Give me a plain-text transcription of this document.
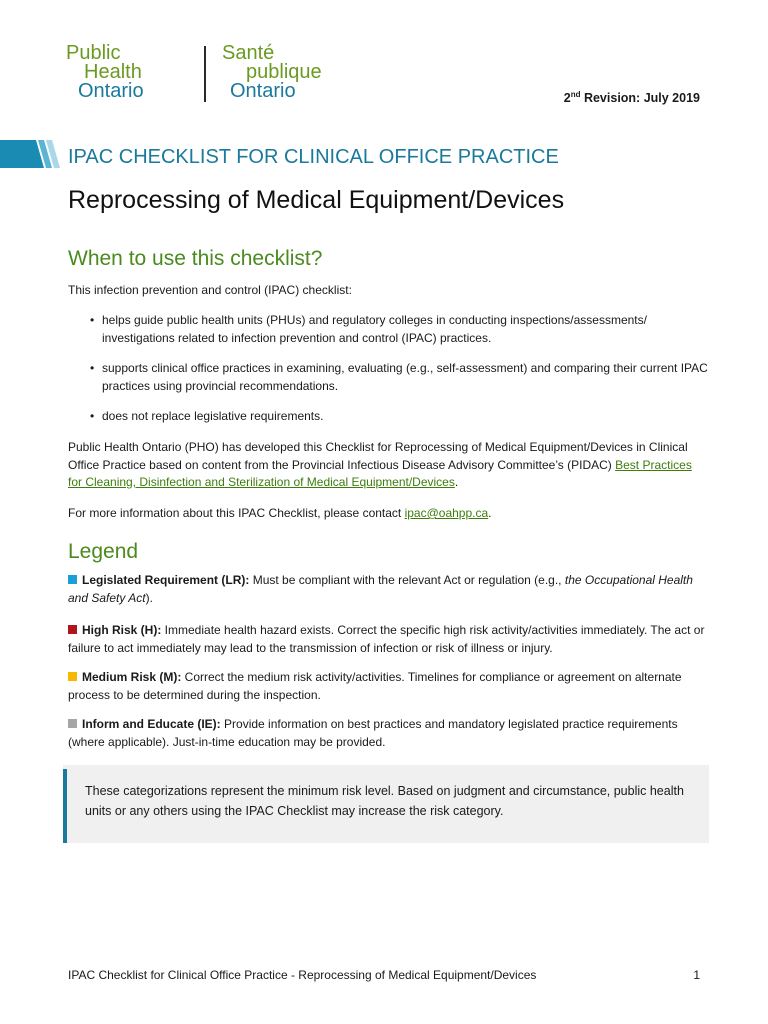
Public
Health
Ontario
Santé
publique
Ontario	2nd Revision: July 2019
IPAC CHECKLIST FOR CLINICAL OFFICE PRACTICE
Reprocessing of Medical Equipment/Devices
When to use this checklist?
This infection prevention and control (IPAC) checklist:
• helps guide public health units (PHUs) and regulatory colleges in conducting inspections/assessments/ investigations related to infection prevention and control (IPAC) practices.
• supports clinical office practices in examining, evaluating (e.g., self-assessment) and comparing their current IPAC practices using provincial recommendations.
• does not replace legislative requirements.
Public Health Ontario (PHO) has developed this Checklist for Reprocessing of Medical Equipment/Devices in Clinical Office Practice based on content from the Provincial Infectious Disease Advisory Committee’s (PIDAC) Best Practices for Cleaning, Disinfection and Sterilization of Medical Equipment/Devices.
For more information about this IPAC Checklist, please contact ipac@oahpp.ca.
Legend
Legislated Requirement (LR): Must be compliant with the relevant Act or regulation (e.g., the Occupational Health and Safety Act).
High Risk (H): Immediate health hazard exists. Correct the specific high risk activity/activities immediately. The act or failure to act immediately may lead to the transmission of infection or risk of illness or injury.
Medium Risk (M): Correct the medium risk activity/activities. Timelines for compliance or agreement on alternate process to be determined during the inspection.
Inform and Educate (IE): Provide information on best practices and mandatory legislated practice requirements (where applicable). Just-in-time education may be provided.
These categorizations represent the minimum risk level. Based on judgment and circumstance, public health units or any others using the IPAC Checklist may increase the risk category.
IPAC Checklist for Clinical Office Practice - Reprocessing of Medical Equipment/Devices	1
